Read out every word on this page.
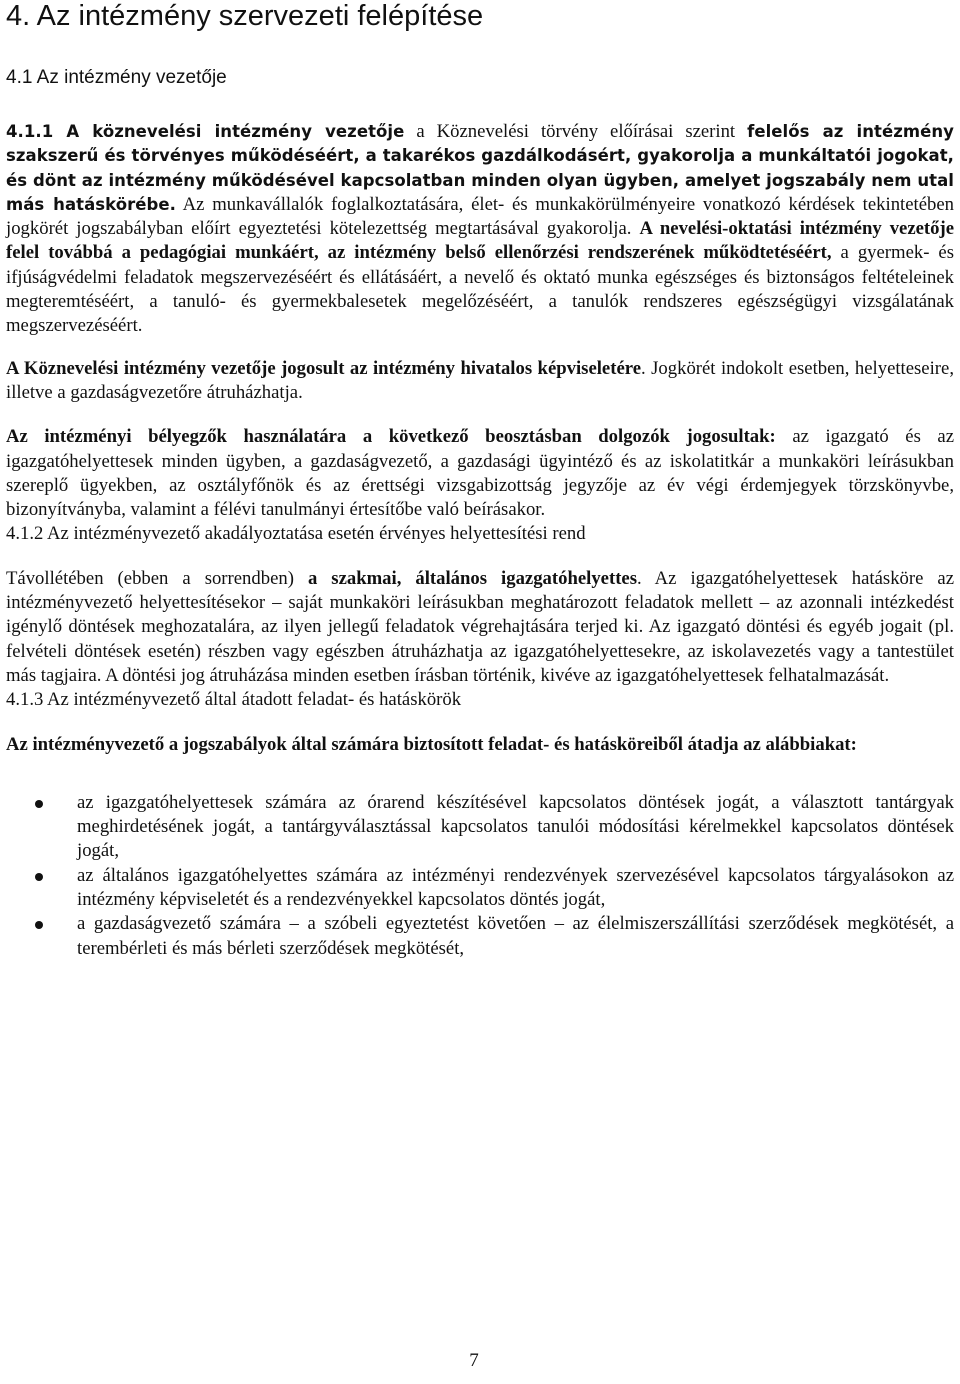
4. Az intézmény szervezeti felépítése
4.1 Az intézmény vezetője

4.1.1 A köznevelési intézmény vezetője a Köznevelési törvény előírásai szerint felelős az intézmény szakszerű és törvényes működéséért, a takarékos gazdálkodásért, gyakorolja a munkáltatói jogokat, és dönt az intézmény működésével kapcsolatban minden olyan ügyben, amelyet jogszabály nem utal más hatáskörébe. Az munkavállalók foglalkoztatására, élet- és munkakörülményeire vonatkozó kérdések tekintetében jogkörét jogszabályban előírt egyeztetési kötelezettség megtartásával gyakorolja. A nevelési-oktatási intézmény vezetője felel továbbá a pedagógiai munkáért, az intézmény belső ellenőrzési rendszerének működtetéséért, a gyermek- és ifjúságvédelmi feladatok megszervezéséért és ellátásáért, a nevelő és oktató munka egészséges és biztonságos feltételeinek megteremtéséért, a tanuló- és gyermekbalesetek megelőzéséért, a tanulók rendszeres egészségügyi vizsgálatának megszervezéséért.

A Köznevelési intézmény vezetője jogosult az intézmény hivatalos képviseletére. Jogkörét indokolt esetben, helyetteseire, illetve a gazdaságvezetőre átruházhatja.

Az intézményi bélyegzők használatára a következő beosztásban dolgozók jogosultak: az igazgató és az igazgatóhelyettesek minden ügyben, a gazdaságvezető, a gazdasági ügyintéző és az iskolatitkár a munkaköri leírásukban szereplő ügyekben, az osztályfőnök és az érettségi vizsgabizottság jegyzője az év végi érdemjegyek törzskönyvbe, bizonyítványba, valamint a félévi tanulmányi értesítőbe való beírásakor.

4.1.2 Az intézményvezető akadályoztatása esetén érvényes helyettesítési rend

Távollétében (ebben a sorrendben) a szakmai, általános igazgatóhelyettes. Az igazgatóhelyettesek hatásköre az intézményvezető helyettesítésekor – saját munkaköri leírásukban meghatározott feladatok mellett – az azonnali intézkedést igénylő döntések meghozatalára, az ilyen jellegű feladatok végrehajtására terjed ki. Az igazgató döntési és egyéb jogait (pl. felvételi döntések esetén) részben vagy egészben átruházhatja az igazgatóhelyettesekre, az iskolavezetés vagy a tantestület más tagjaira. A döntési jog átruházása minden esetben írásban történik, kivéve az igazgatóhelyettesek felhatalmazását.

4.1.3 Az intézményvezető által átadott feladat- és hatáskörök

Az intézményvezető a jogszabályok által számára biztosított feladat- és hatásköreiből átadja az alábbiakat:

az igazgatóhelyettesek számára az órarend készítésével kapcsolatos döntések jogát, a választott tantárgyak meghirdetésének jogát, a tantárgyválasztással kapcsolatos tanulói módosítási kérelmekkel kapcsolatos döntések jogát,
az általános igazgatóhelyettes számára az intézményi rendezvények szervezésével kapcsolatos tárgyalásokon az intézmény képviseletét és a rendezvényekkel kapcsolatos döntés jogát,
a gazdaságvezető számára – a szóbeli egyeztetést követően – az élelmiszerszállítási szerződések megkötését, a terembérleti és más bérleti szerződések megkötését,
7
